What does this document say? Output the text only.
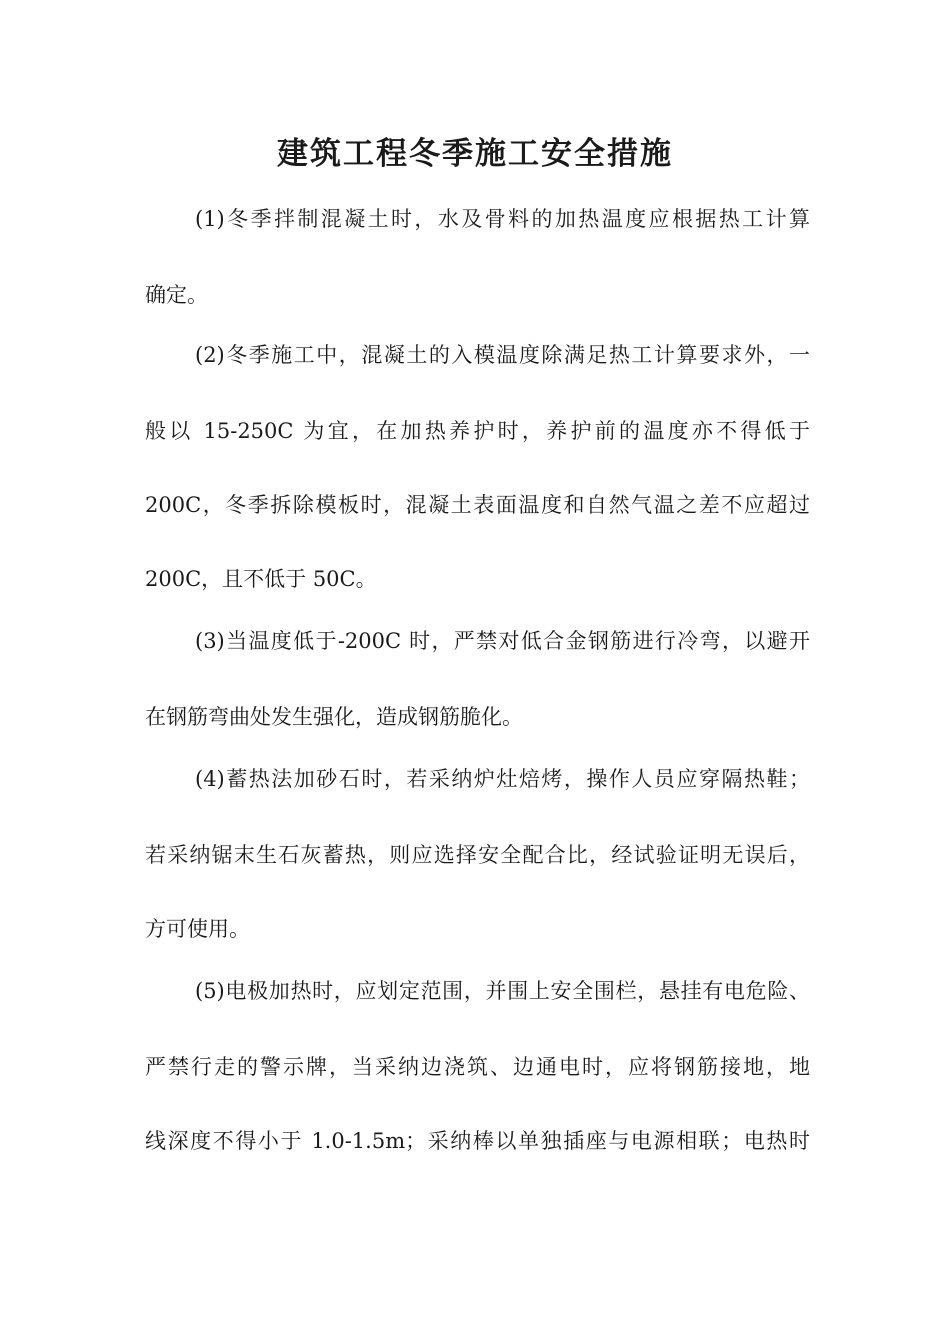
建筑工程冬季施工安全措施
(1)冬季拌制混凝土时，水及骨料的加热温度应根据热工计算
确定。
(2)冬季施工中，混凝土的入模温度除满足热工计算要求外，一
般以 15-250C 为宜，在加热养护时，养护前的温度亦不得低于
200C，冬季拆除模板时，混凝土表面温度和自然气温之差不应超过
200C，且不低于 50C。
(3)当温度低于-200C 时，严禁对低合金钢筋进行冷弯，以避开
在钢筋弯曲处发生强化，造成钢筋脆化。
(4)蓄热法加砂石时，若采纳炉灶焙烤，操作人员应穿隔热鞋；
若采纳锯末生石灰蓄热，则应选择安全配合比，经试验证明无误后，
方可使用。
(5)电极加热时，应划定范围，并围上安全围栏，悬挂有电危险、
严禁行走的警示牌，当采纳边浇筑、边通电时，应将钢筋接地，地
线深度不得小于 1.0-1.5m；采纳棒以单独插座与电源相联；电热时
